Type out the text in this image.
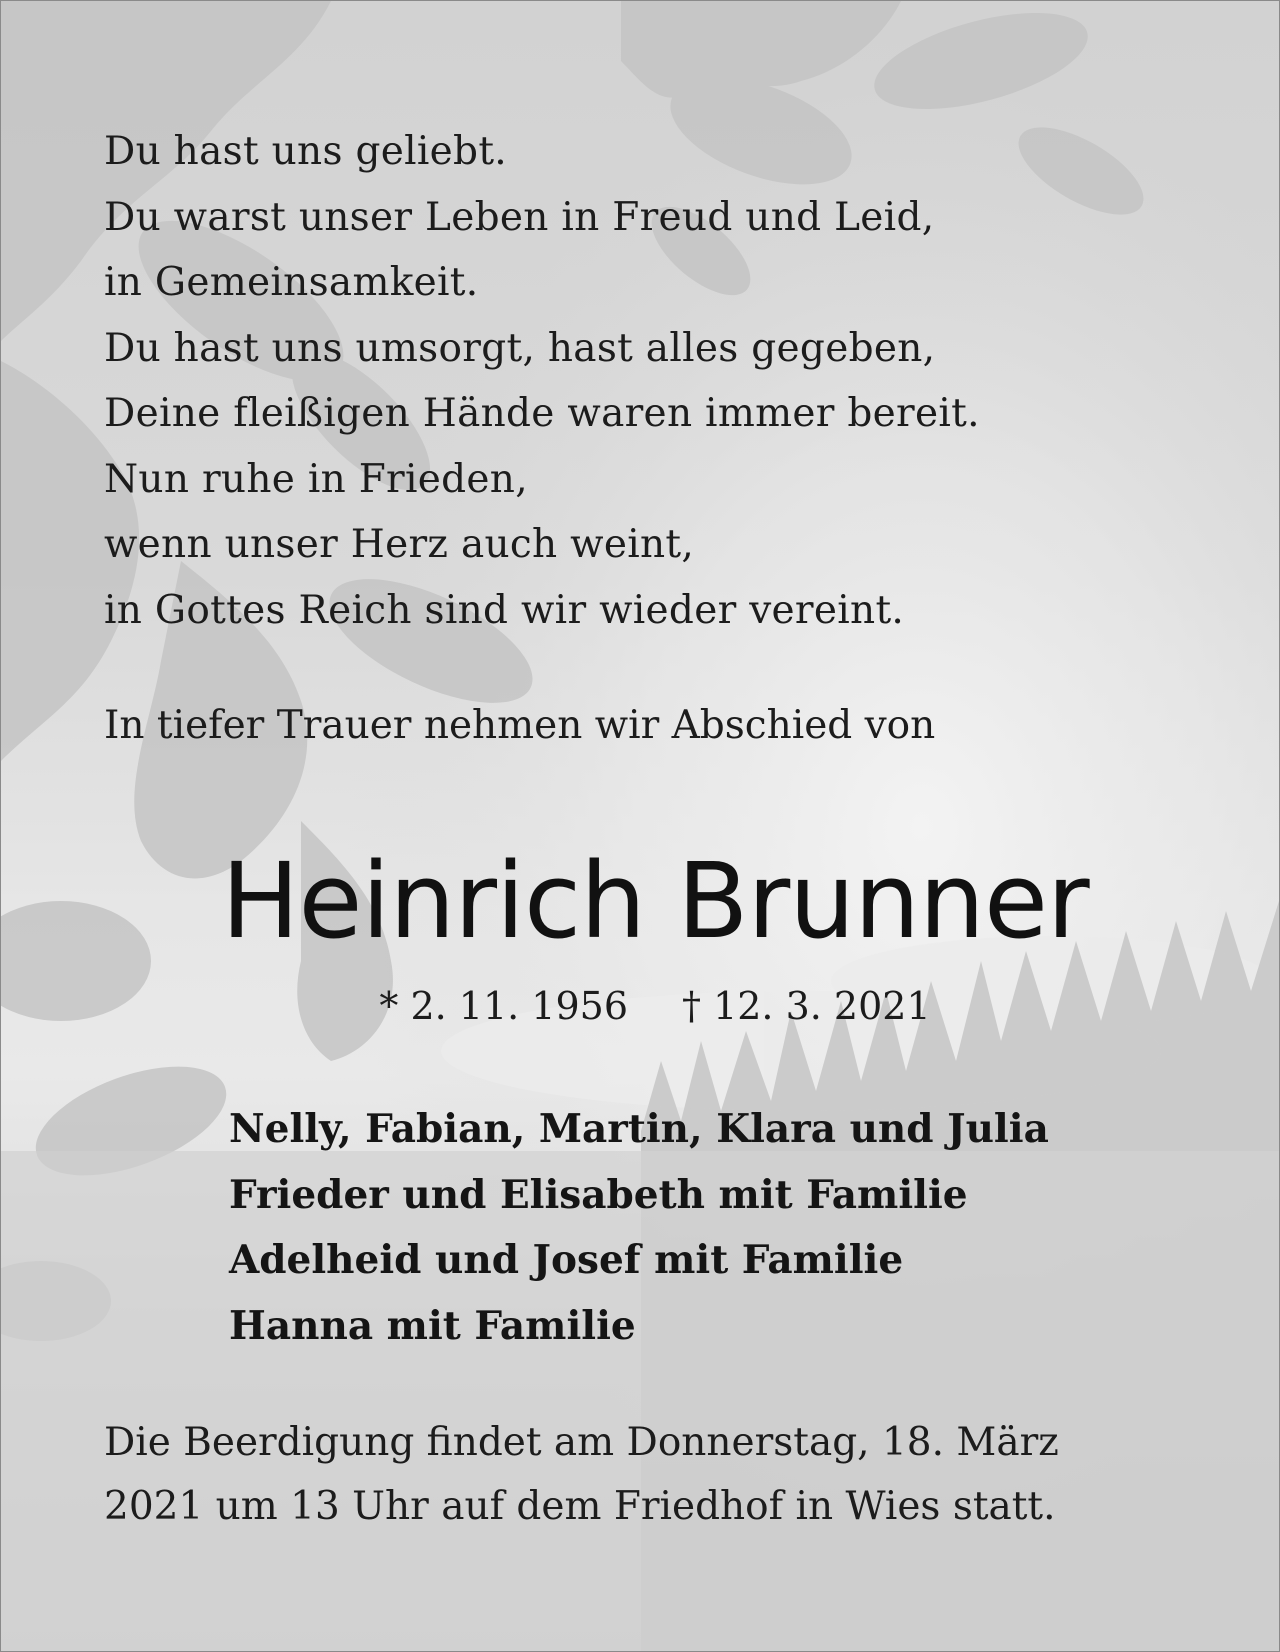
Du hast uns geliebt.
Du warst unser Leben in Freud und Leid,
in Gemeinsamkeit.
Du hast uns umsorgt, hast alles gegeben,
Deine fleißigen Hände waren immer bereit.
Nun ruhe in Frieden,
wenn unser Herz auch weint,
in Gottes Reich sind wir wieder vereint.
In tiefer Trauer nehmen wir Abschied von
Heinrich Brunner
* 2. 11. 1956 † 12. 3. 2021
Nelly, Fabian, Martin, Klara und Julia
Frieder und Elisabeth mit Familie
Adelheid und Josef mit Familie
Hanna mit Familie
Die Beerdigung findet am Donnerstag, 18. März
2021 um 13 Uhr auf dem Friedhof in Wies statt.
